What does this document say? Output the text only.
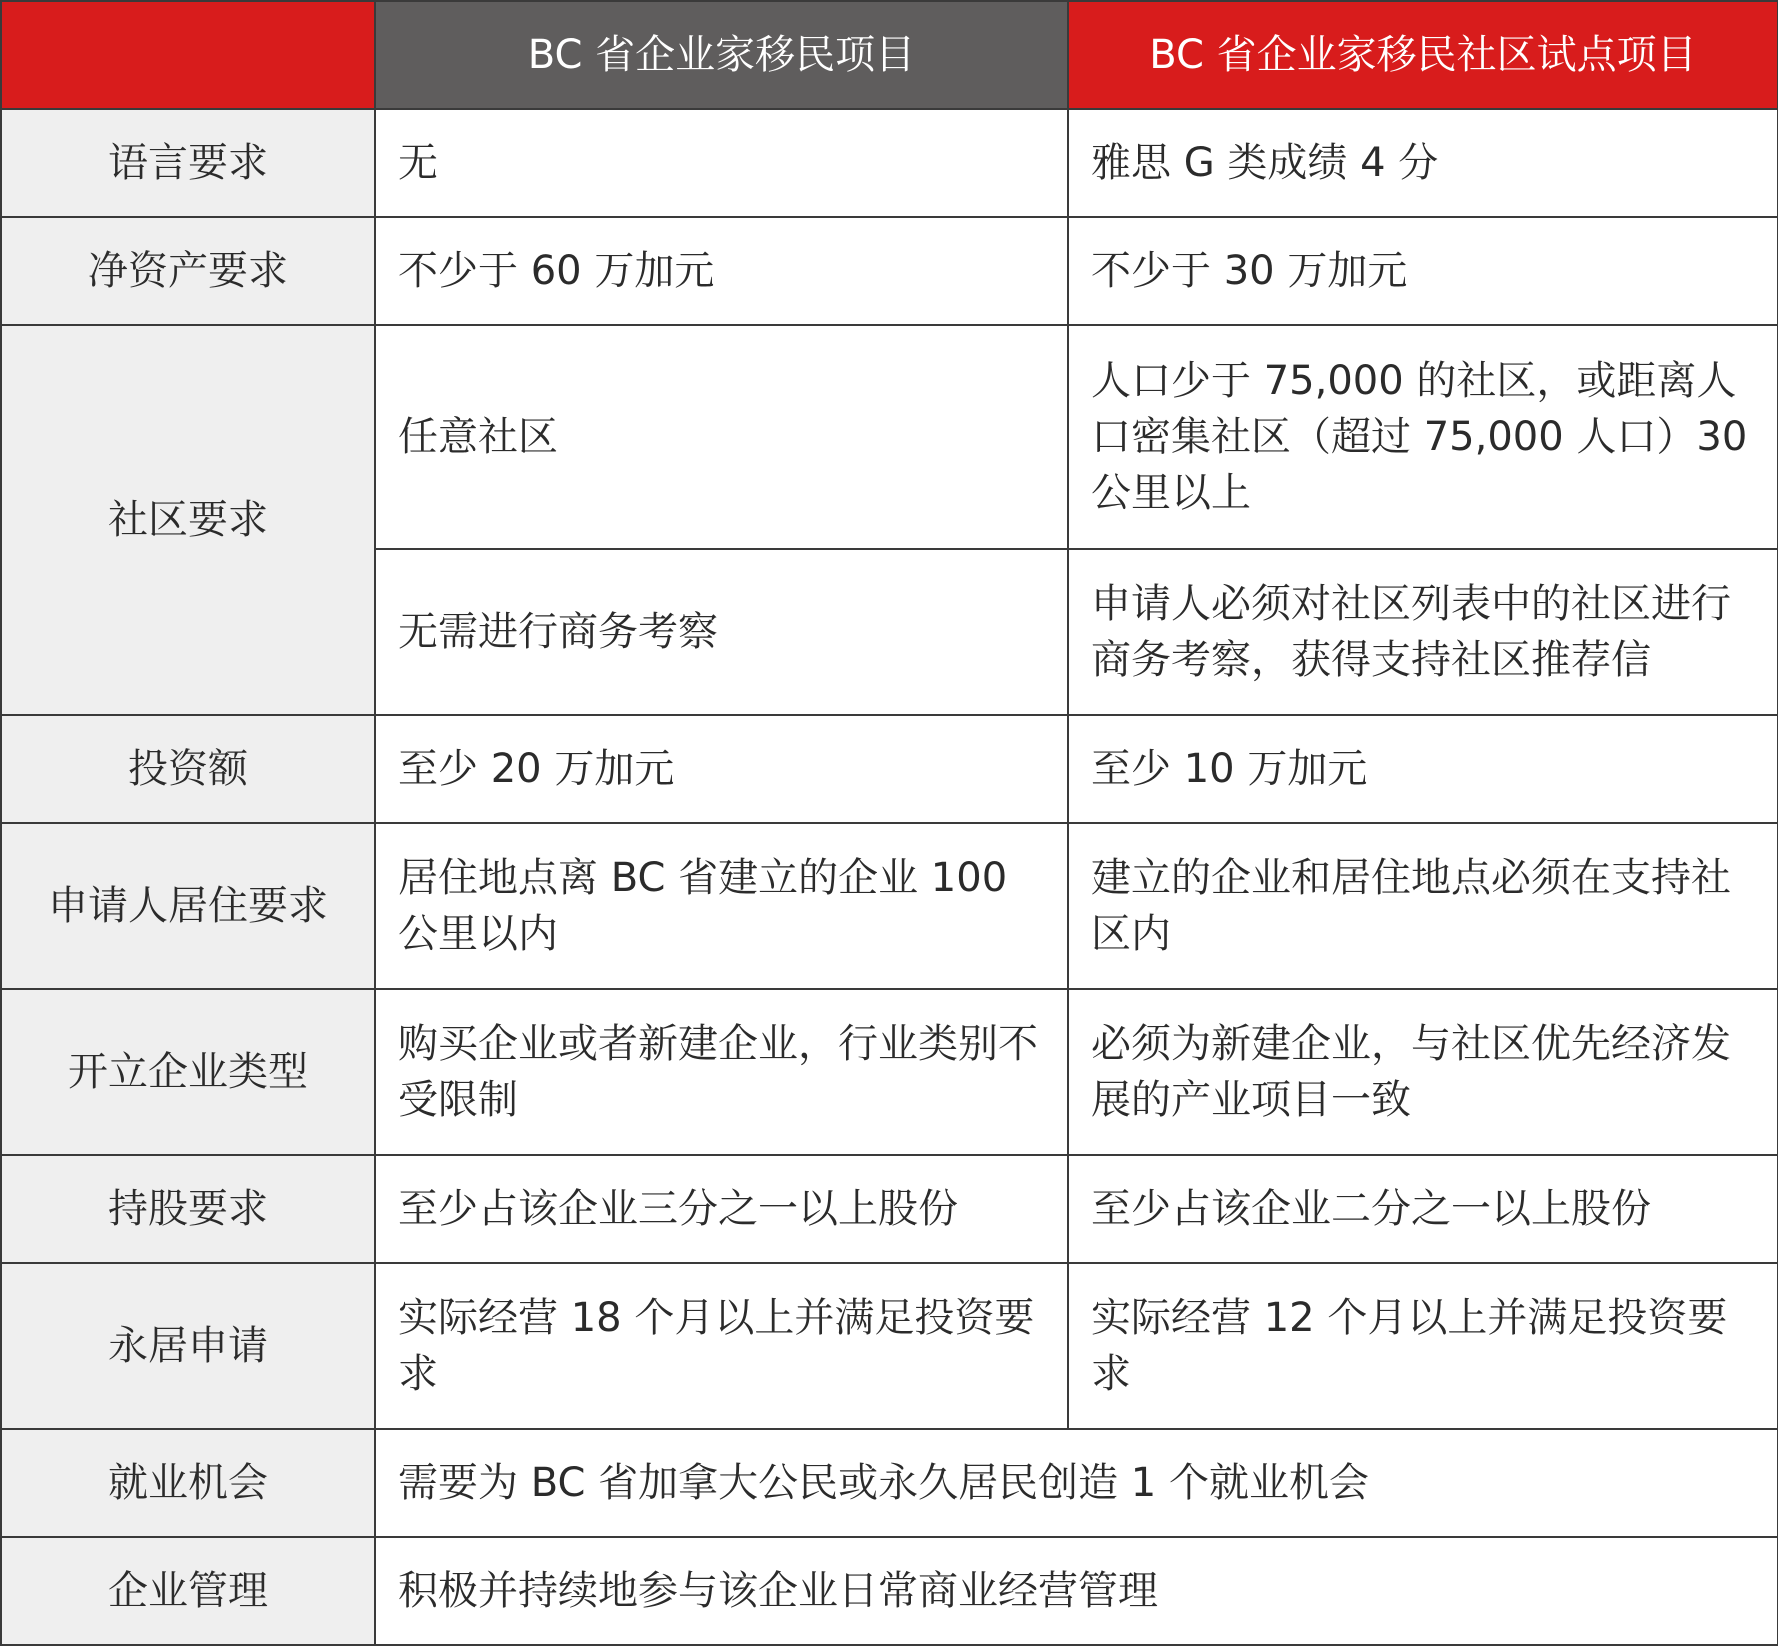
	BC 省企业家移民项目	BC 省企业家移民社区试点项目
语言要求	无	雅思 G 类成绩 4 分
净资产要求	不少于 60 万加元	不少于 30 万加元
社区要求	任意社区	人口少于 75,000 的社区，或距离人口密集社区（超过 75,000 人口）30 公里以上
	无需进行商务考察	申请人必须对社区列表中的社区进行商务考察，获得支持社区推荐信
投资额	至少 20 万加元	至少 10 万加元
申请人居住要求	居住地点离 BC 省建立的企业 100 公里以内	建立的企业和居住地点必须在支持社区内
开立企业类型	购买企业或者新建企业，行业类别不受限制	必须为新建企业，与社区优先经济发展的产业项目一致
持股要求	至少占该企业三分之一以上股份	至少占该企业二分之一以上股份
永居申请	实际经营 18 个月以上并满足投资要求	实际经营 12 个月以上并满足投资要求
就业机会	需要为 BC 省加拿大公民或永久居民创造 1 个就业机会	
企业管理	积极并持续地参与该企业日常商业经营管理	
